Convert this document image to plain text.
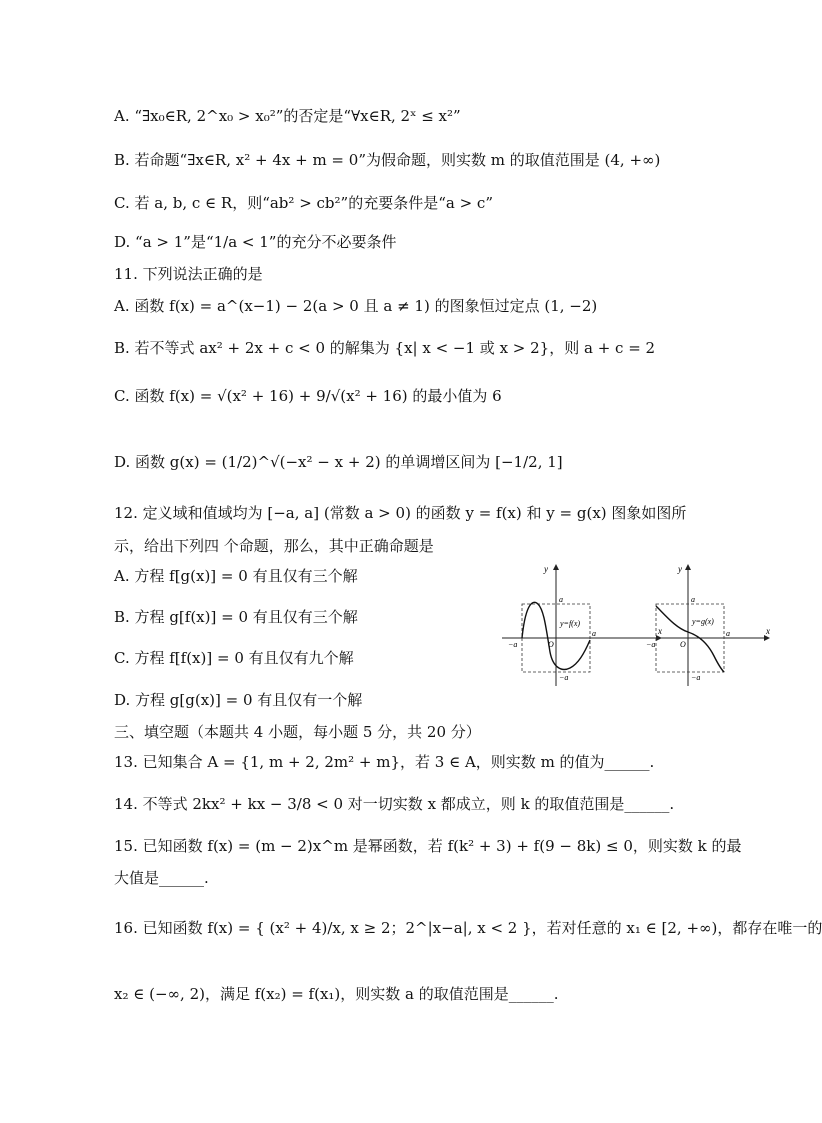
A. “∃x₀∈R, 2^x₀ > x₀²”的否定是“∀x∈R, 2ˣ ≤ x²”
B. 若命题“∃x∈R, x² + 4x + m = 0”为假命题，则实数 m 的取值范围是 (4, +∞)
C. 若 a, b, c ∈ R，则“ab² > cb²”的充要条件是“a > c”
D. “a > 1”是“1/a < 1”的充分不必要条件
11. 下列说法正确的是
A. 函数 f(x) = a^(x−1) − 2(a > 0 且 a ≠ 1) 的图象恒过定点 (1, −2)
B. 若不等式 ax² + 2x + c < 0 的解集为 {x| x < −1 或 x > 2}，则 a + c = 2
C. 函数 f(x) = √(x² + 16) + 9/√(x² + 16) 的最小值为 6
D. 函数 g(x) = (1/2)^√(−x² − x + 2) 的单调增区间为 [−1/2, 1]
12. 定义域和值域均为 [−a, a] (常数 a > 0) 的函数 y = f(x) 和 y = g(x) 图象如图所
示，给出下列四 个命题，那么，其中正确命题是
A. 方程 f[g(x)] = 0 有且仅有三个解
B. 方程 g[f(x)] = 0 有且仅有三个解
C. 方程 f[f(x)] = 0 有且仅有九个解
D. 方程 g[g(x)] = 0 有且仅有一个解
三、填空题（本题共 4 小题，每小题 5 分，共 20 分）
13. 已知集合 A = {1, m + 2, 2m² + m}，若 3 ∈ A，则实数 m 的值为______.
14. 不等式 2kx² + kx − 3/8 < 0 对一切实数 x 都成立，则 k 的取值范围是______.
15. 已知函数 f(x) = (m − 2)x^m 是幂函数，若 f(k² + 3) + f(9 − 8k) ≤ 0，则实数 k 的最
大值是______.
16. 已知函数 f(x) = { (x² + 4)/x, x ≥ 2；2^|x−a|, x < 2 }，若对任意的 x₁ ∈ [2, +∞)，都存在唯一的
x₂ ∈ (−∞, 2)，满足 f(x₂) = f(x₁)，则实数 a 的取值范围是______.
y
x
a
a
−a
−a
O
y=f(x)
y
x
a
a
−a
−a
O
y=g(x)
